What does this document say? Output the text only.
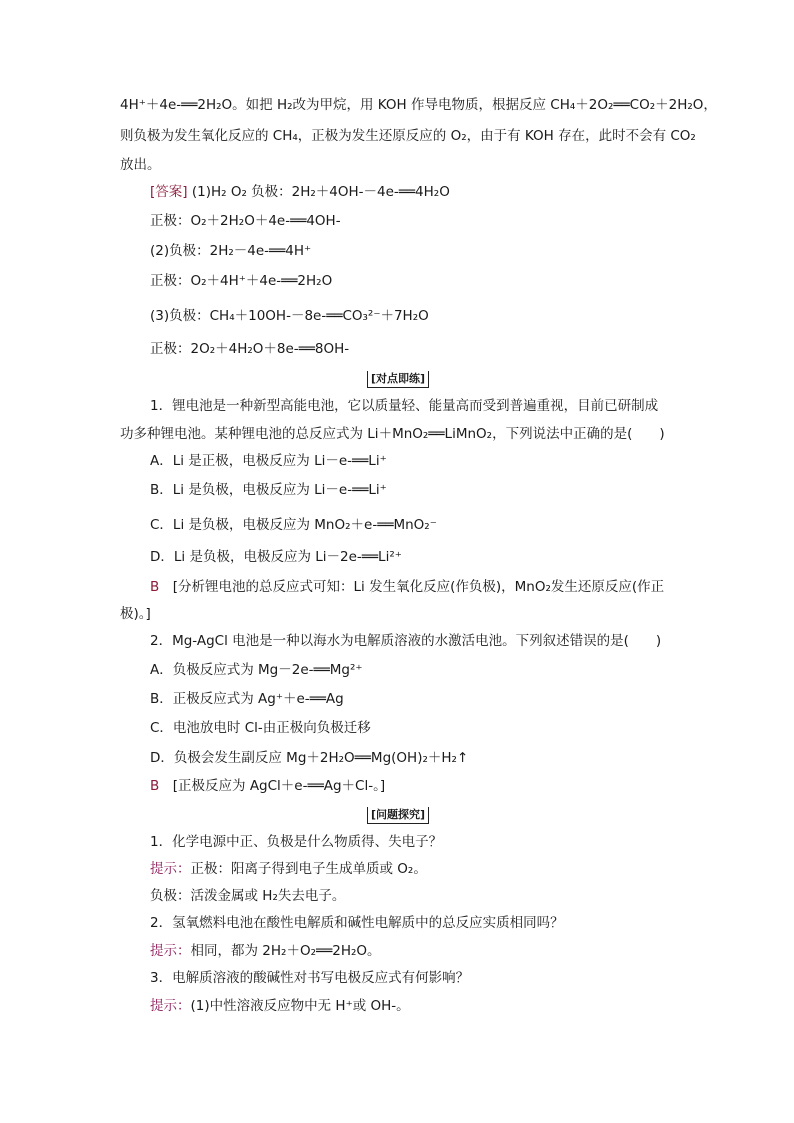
4H⁺＋4e-══2H₂O。如把 H₂改为甲烷，用 KOH 作导电物质，根据反应 CH₄＋2O₂══CO₂＋2H₂O，
则负极为发生氧化反应的 CH₄，正极为发生还原反应的 O₂，由于有 KOH 存在，此时不会有 CO₂
放出。
[答案] (1)H₂ O₂ 负极：2H₂＋4OH-－4e-══4H₂O
正极：O₂＋2H₂O＋4e-══4OH-
(2)负极：2H₂－4e-══4H⁺
正极：O₂＋4H⁺＋4e-══2H₂O
(3)负极：CH₄＋10OH-－8e-══CO₃²⁻＋7H₂O
正极：2O₂＋4H₂O＋8e-══8OH-
[对点即练]
1．锂电池是一种新型高能电池，它以质量轻、能量高而受到普遍重视，目前已研制成
功多种锂电池。某种锂电池的总反应式为 Li＋MnO₂══LiMnO₂，下列说法中正确的是(　　)
A．Li 是正极，电极反应为 Li－e-══Li⁺
B．Li 是负极，电极反应为 Li－e-══Li⁺
C．Li 是负极，电极反应为 MnO₂＋e-══MnO₂⁻
D．Li 是负极，电极反应为 Li－2e-══Li²⁺
B　[分析锂电池的总反应式可知：Li 发生氧化反应(作负极)，MnO₂发生还原反应(作正
极)。]
2．Mg-AgCl 电池是一种以海水为电解质溶液的水激活电池。下列叙述错误的是(　　)
A．负极反应式为 Mg－2e-══Mg²⁺
B．正极反应式为 Ag⁺＋e-══Ag
C．电池放电时 Cl-由正极向负极迁移
D．负极会发生副反应 Mg＋2H₂O══Mg(OH)₂＋H₂↑
B　[正极反应为 AgCl＋e-══Ag＋Cl-。]
[问题探究]
1．化学电源中正、负极是什么物质得、失电子？
提示：正极：阳离子得到电子生成单质或 O₂。
负极：活泼金属或 H₂失去电子。
2．氢氧燃料电池在酸性电解质和碱性电解质中的总反应实质相同吗？
提示：相同，都为 2H₂＋O₂══2H₂O。
3．电解质溶液的酸碱性对书写电极反应式有何影响？
提示：(1)中性溶液反应物中无 H⁺或 OH-。
